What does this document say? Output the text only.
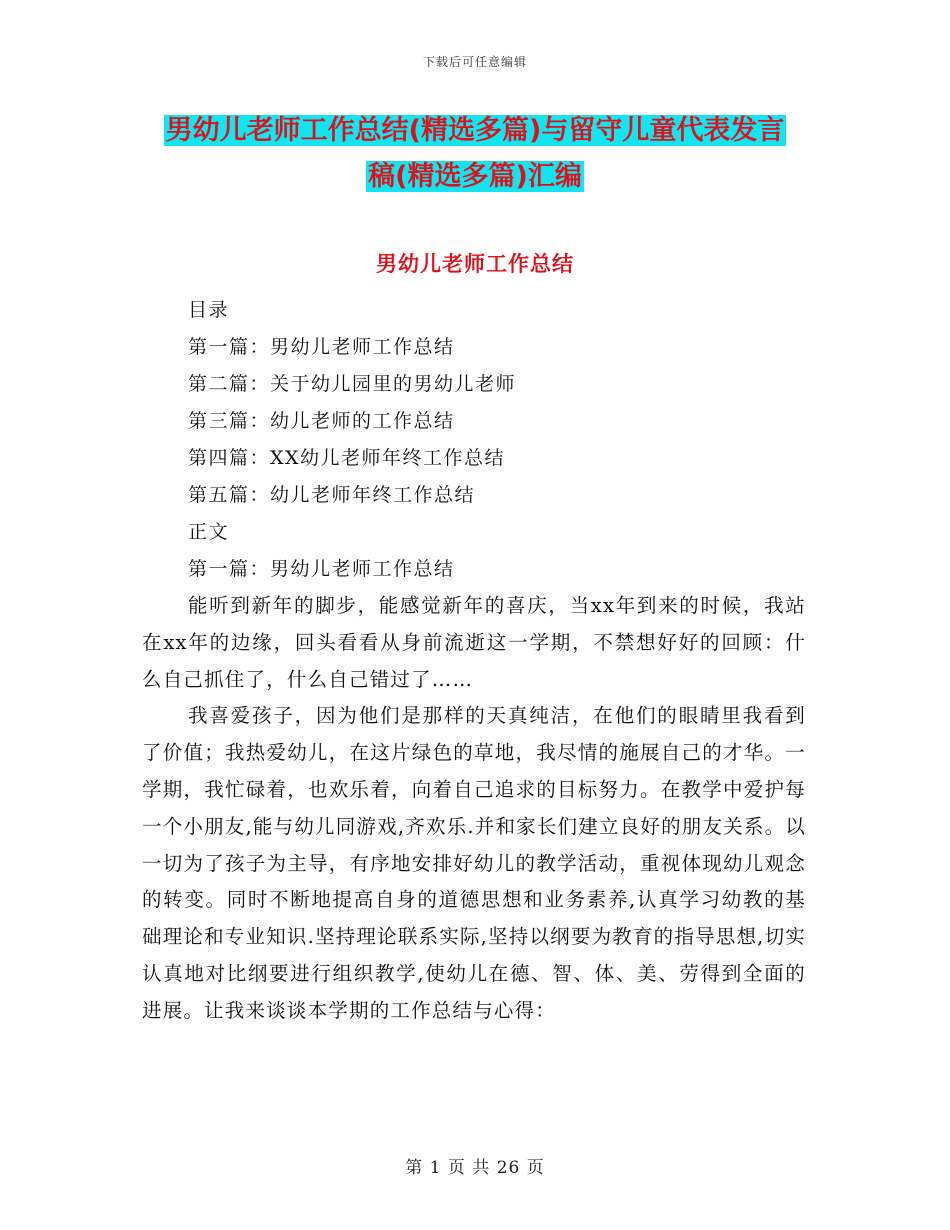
下载后可任意编辑
男幼儿老师工作总结(精选多篇)与留守儿童代表发言
稿(精选多篇)汇编
男幼儿老师工作总结
目录
第一篇：男幼儿老师工作总结
第二篇：关于幼儿园里的男幼儿老师
第三篇：幼儿老师的工作总结
第四篇：XX幼儿老师年终工作总结
第五篇：幼儿老师年终工作总结
正文
第一篇：男幼儿老师工作总结

能听到新年的脚步，能感觉新年的喜庆，当xx年到来的时候，我站在xx年的边缘，回头看看从身前流逝这一学期，不禁想好好的回顾：什么自己抓住了，什么自己错过了……

我喜爱孩子，因为他们是那样的天真纯洁，在他们的眼睛里我看到了价值；我热爱幼儿，在这片绿色的草地，我尽情的施展自己的才华。一学期，我忙碌着，也欢乐着，向着自己追求的目标努力。在教学中爱护每一个小朋友,能与幼儿同游戏,齐欢乐.并和家长们建立良好的朋友关系。以一切为了孩子为主导，有序地安排好幼儿的教学活动，重视体现幼儿观念的转变。同时不断地提高自身的道德思想和业务素养,认真学习幼教的基础理论和专业知识.坚持理论联系实际,坚持以纲要为教育的指导思想,切实认真地对比纲要进行组织教学,使幼儿在德、智、体、美、劳得到全面的进展。让我来谈谈本学期的工作总结与心得：

第 1 页 共 26 页
